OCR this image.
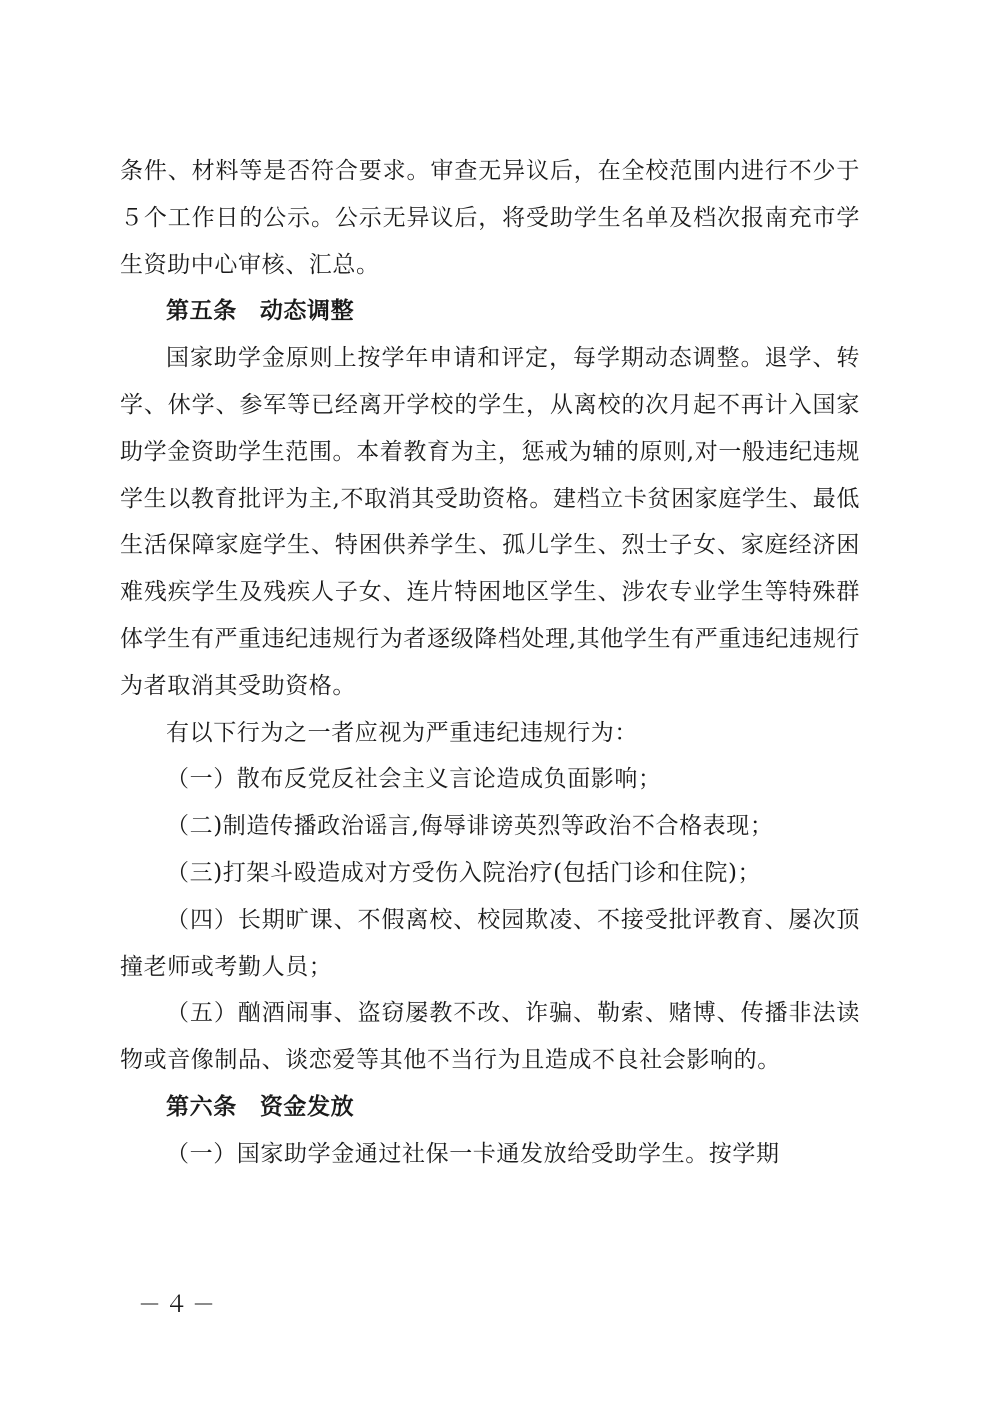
条件、材料等是否符合要求。审查无异议后，在全校范围内进行不少于５个工作日的公示。公示无异议后，将受助学生名单及档次报南充市学生资助中心审核、汇总。

第五条 动态调整

国家助学金原则上按学年申请和评定，每学期动态调整。退学、转学、休学、参军等已经离开学校的学生，从离校的次月起不再计入国家助学金资助学生范围。本着教育为主，惩戒为辅的原则,对一般违纪违规学生以教育批评为主,不取消其受助资格。建档立卡贫困家庭学生、最低生活保障家庭学生、特困供养学生、孤儿学生、烈士子女、家庭经济困难残疾学生及残疾人子女、连片特困地区学生、涉农专业学生等特殊群体学生有严重违纪违规行为者逐级降档处理,其他学生有严重违纪违规行为者取消其受助资格。

有以下行为之一者应视为严重违纪违规行为：

（一）散布反党反社会主义言论造成负面影响；

（二)制造传播政治谣言,侮辱诽谤英烈等政治不合格表现；

（三)打架斗殴造成对方受伤入院治疗(包括门诊和住院)；

（四）长期旷课、不假离校、校园欺凌、不接受批评教育、屡次顶撞老师或考勤人员；

（五）酗酒闹事、盗窃屡教不改、诈骗、勒索、赌博、传播非法读物或音像制品、谈恋爱等其他不当行为且造成不良社会影响的。

第六条 资金发放

（一）国家助学金通过社保一卡通发放给受助学生。按学期

－４－
